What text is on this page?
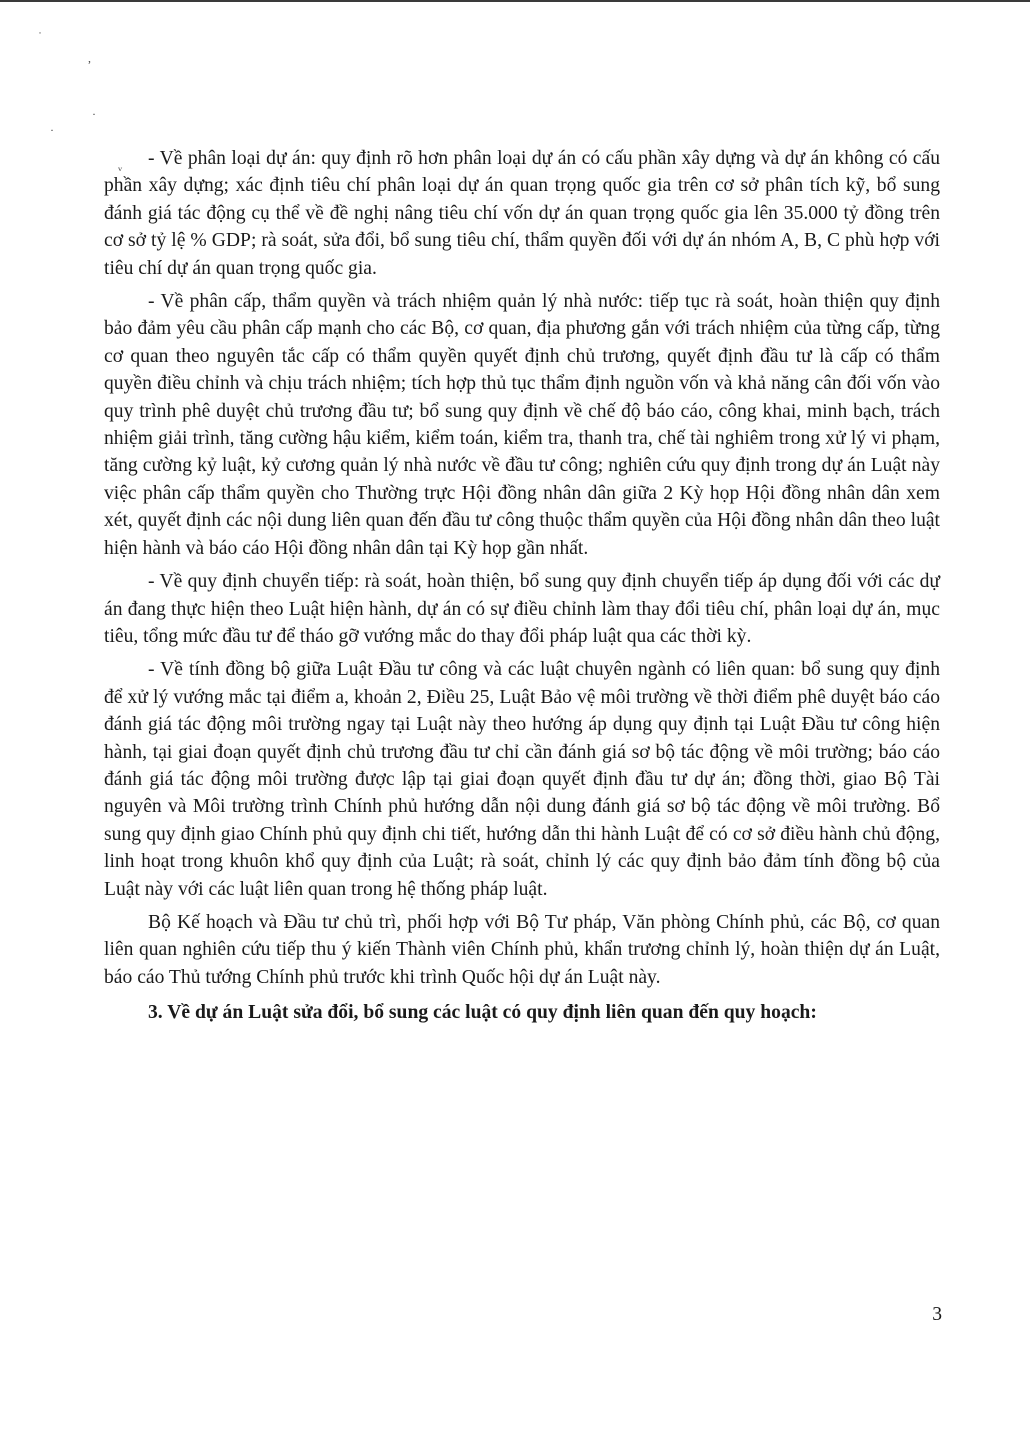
˙
,
·
·
ᵥ	- Về phân loại dự án: quy định rõ hơn phân loại dự án có cấu phần xây dựng và dự án không có cấu phần xây dựng; xác định tiêu chí phân loại dự án quan trọng quốc gia trên cơ sở phân tích kỹ, bổ sung đánh giá tác động cụ thể về đề nghị nâng tiêu chí vốn dự án quan trọng quốc gia lên 35.000 tỷ đồng trên cơ sở tỷ lệ % GDP; rà soát, sửa đổi, bổ sung tiêu chí, thẩm quyền đối với dự án nhóm A, B, C phù hợp với tiêu chí dự án quan trọng quốc gia.

- Về phân cấp, thẩm quyền và trách nhiệm quản lý nhà nước: tiếp tục rà soát, hoàn thiện quy định bảo đảm yêu cầu phân cấp mạnh cho các Bộ, cơ quan, địa phương gắn với trách nhiệm của từng cấp, từng cơ quan theo nguyên tắc cấp có thẩm quyền quyết định chủ trương, quyết định đầu tư là cấp có thẩm quyền điều chỉnh và chịu trách nhiệm; tích hợp thủ tục thẩm định nguồn vốn và khả năng cân đối vốn vào quy trình phê duyệt chủ trương đầu tư; bổ sung quy định về chế độ báo cáo, công khai, minh bạch, trách nhiệm giải trình, tăng cường hậu kiểm, kiểm toán, kiểm tra, thanh tra, chế tài nghiêm trong xử lý vi phạm, tăng cường kỷ luật, kỷ cương quản lý nhà nước về đầu tư công; nghiên cứu quy định trong dự án Luật này việc phân cấp thẩm quyền cho Thường trực Hội đồng nhân dân giữa 2 Kỳ họp Hội đồng nhân dân xem xét, quyết định các nội dung liên quan đến đầu tư công thuộc thẩm quyền của Hội đồng nhân dân theo luật hiện hành và báo cáo Hội đồng nhân dân tại Kỳ họp gần nhất.

- Về quy định chuyển tiếp: rà soát, hoàn thiện, bổ sung quy định chuyển tiếp áp dụng đối với các dự án đang thực hiện theo Luật hiện hành, dự án có sự điều chỉnh làm thay đổi tiêu chí, phân loại dự án, mục tiêu, tổng mức đầu tư để tháo gỡ vướng mắc do thay đổi pháp luật qua các thời kỳ.

- Về tính đồng bộ giữa Luật Đầu tư công và các luật chuyên ngành có liên quan: bổ sung quy định để xử lý vướng mắc tại điểm a, khoản 2, Điều 25, Luật Bảo vệ môi trường về thời điểm phê duyệt báo cáo đánh giá tác động môi trường ngay tại Luật này theo hướng áp dụng quy định tại Luật Đầu tư công hiện hành, tại giai đoạn quyết định chủ trương đầu tư chỉ cần đánh giá sơ bộ tác động về môi trường; báo cáo đánh giá tác động môi trường được lập tại giai đoạn quyết định đầu tư dự án; đồng thời, giao Bộ Tài nguyên và Môi trường trình Chính phủ hướng dẫn nội dung đánh giá sơ bộ tác động về môi trường. Bổ sung quy định giao Chính phủ quy định chi tiết, hướng dẫn thi hành Luật để có cơ sở điều hành chủ động, linh hoạt trong khuôn khổ quy định của Luật; rà soát, chỉnh lý các quy định bảo đảm tính đồng bộ của Luật này với các luật liên quan trong hệ thống pháp luật.

Bộ Kế hoạch và Đầu tư chủ trì, phối hợp với Bộ Tư pháp, Văn phòng Chính phủ, các Bộ, cơ quan liên quan nghiên cứu tiếp thu ý kiến Thành viên Chính phủ, khẩn trương chỉnh lý, hoàn thiện dự án Luật, báo cáo Thủ tướng Chính phủ trước khi trình Quốc hội dự án Luật này.

3. Về dự án Luật sửa đổi, bổ sung các luật có quy định liên quan đến quy hoạch:

3
